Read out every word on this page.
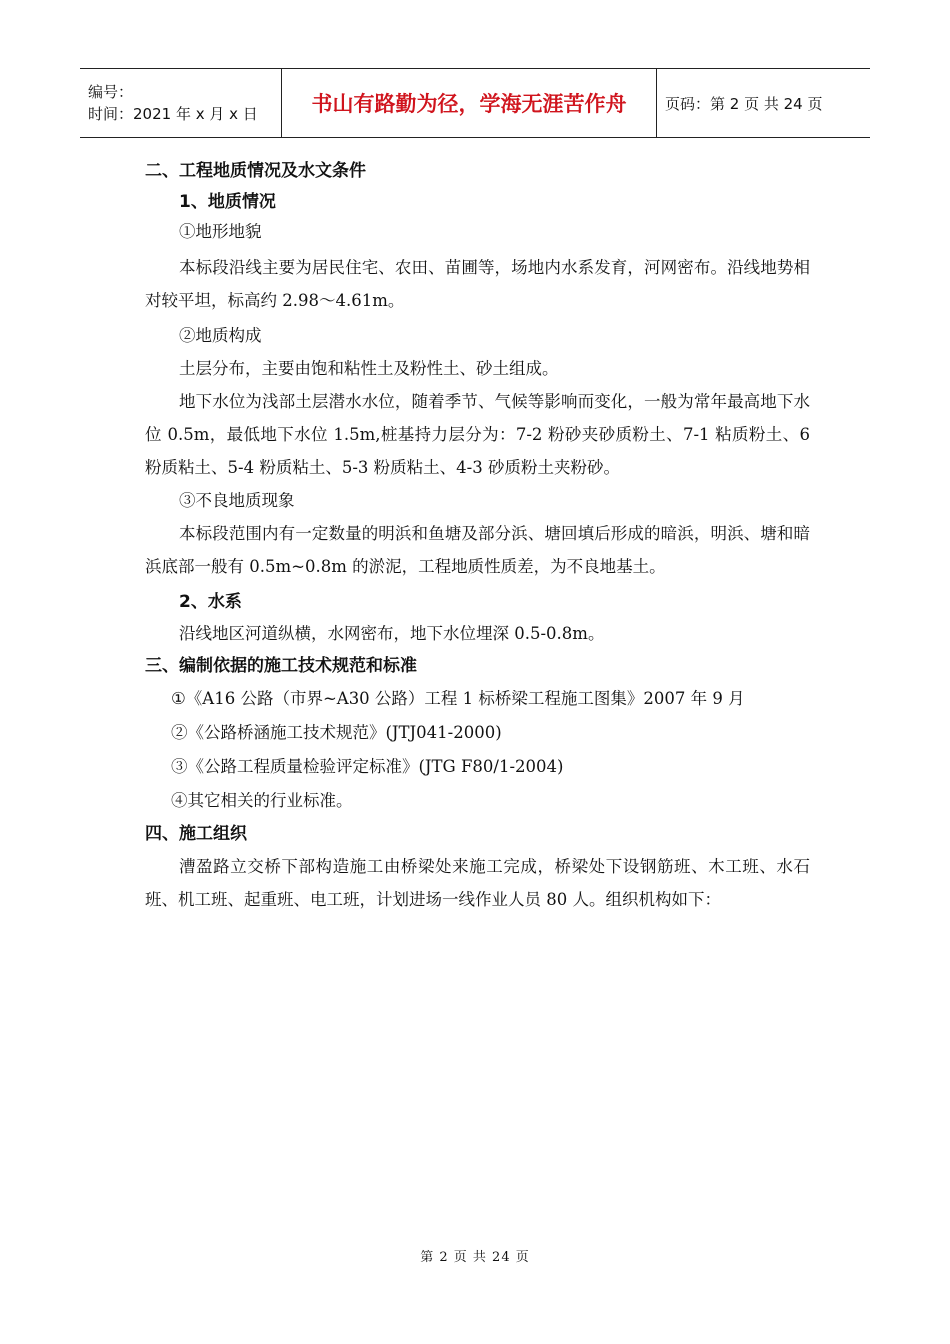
编号：
时间：2021 年 x 月 x 日	书山有路勤为径，学海无涯苦作舟	页码：第 2 页 共 24 页
二、工程地质情况及水文条件
1、地质情况

①地形地貌

本标段沿线主要为居民住宅、农田、苗圃等，场地内水系发育，河网密布。沿线地势相对较平坦，标高约 2.98～4.61m。

②地质构成

土层分布，主要由饱和粘性土及粉性土、砂土组成。

地下水位为浅部土层潜水水位，随着季节、气候等影响而变化，一般为常年最高地下水位 0.5m，最低地下水位 1.5m,桩基持力层分为：7-2 粉砂夹砂质粉土、7-1 粘质粉土、6 粉质粘土、5-4 粉质粘土、5-3 粉质粘土、4-3 砂质粉土夹粉砂。

③不良地质现象

本标段范围内有一定数量的明浜和鱼塘及部分浜、塘回填后形成的暗浜，明浜、塘和暗浜底部一般有 0.5m~0.8m 的淤泥，工程地质性质差，为不良地基土。

2、水系

沿线地区河道纵横，水网密布，地下水位埋深 0.5-0.8m。

三、编制依据的施工技术规范和标准

①《A16 公路（市界~A30 公路）工程 1 标桥梁工程施工图集》2007 年 9 月

②《公路桥涵施工技术规范》(JTJ041-2000)

③《公路工程质量检验评定标准》(JTG F80/1-2004)

④其它相关的行业标准。

四、施工组织

漕盈路立交桥下部构造施工由桥梁处来施工完成，桥梁处下设钢筋班、木工班、水石班、机工班、起重班、电工班，计划进场一线作业人员 80 人。组织机构如下：

第 2 页 共 24 页
